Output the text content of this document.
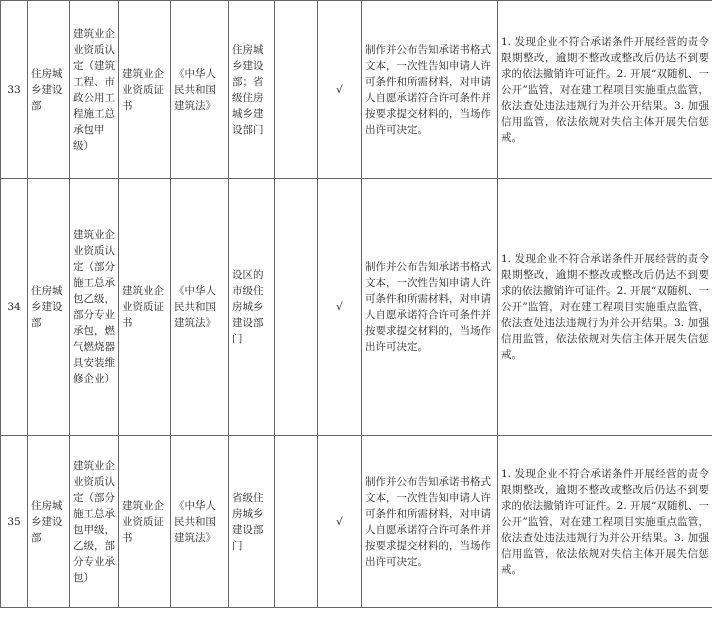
33	住房城乡建设部	建筑业企业资质认定（建筑工程、市政公用工程施工总承包甲级）	建筑业企业资质证书	《中华人民共和国建筑法》	住房城乡建设部；省级住房城乡建设部门		√	制作并公布告知承诺书格式文本，一次性告知申请人许可条件和所需材料，对申请人自愿承诺符合许可条件并按要求提交材料的，当场作出许可决定。	1. 发现企业不符合承诺条件开展经营的责令限期整改，逾期不整改或整改后仍达不到要求的依法撤销许可证件。2. 开展“双随机、一公开”监管，对在建工程项目实施重点监管，依法查处违法违规行为并公开结果。3. 加强信用监管，依法依规对失信主体开展失信惩戒。
34	住房城乡建设部	建筑业企业资质认定（部分施工总承包乙级，部分专业承包，燃气燃烧器具安装维修企业）	建筑业企业资质证书	《中华人民共和国建筑法》	设区的市级住房城乡建设部门		√	制作并公布告知承诺书格式文本，一次性告知申请人许可条件和所需材料，对申请人自愿承诺符合许可条件并按要求提交材料的，当场作出许可决定。	1. 发现企业不符合承诺条件开展经营的责令限期整改，逾期不整改或整改后仍达不到要求的依法撤销许可证件。2. 开展“双随机、一公开”监管，对在建工程项目实施重点监管，依法查处违法违规行为并公开结果。3. 加强信用监管，依法依规对失信主体开展失信惩戒。
35	住房城乡建设部	建筑业企业资质认定（部分施工总承包甲级，乙级，部分专业承包）	建筑业企业资质证书	《中华人民共和国建筑法》	省级住房城乡建设部门		√	制作并公布告知承诺书格式文本，一次性告知申请人许可条件和所需材料，对申请人自愿承诺符合许可条件并按要求提交材料的，当场作出许可决定。	1. 发现企业不符合承诺条件开展经营的责令限期整改，逾期不整改或整改后仍达不到要求的依法撤销许可证件。2. 开展“双随机、一公开”监管，对在建工程项目实施重点监管，依法查处违法违规行为并公开结果。3. 加强信用监管，依法依规对失信主体开展失信惩戒。
